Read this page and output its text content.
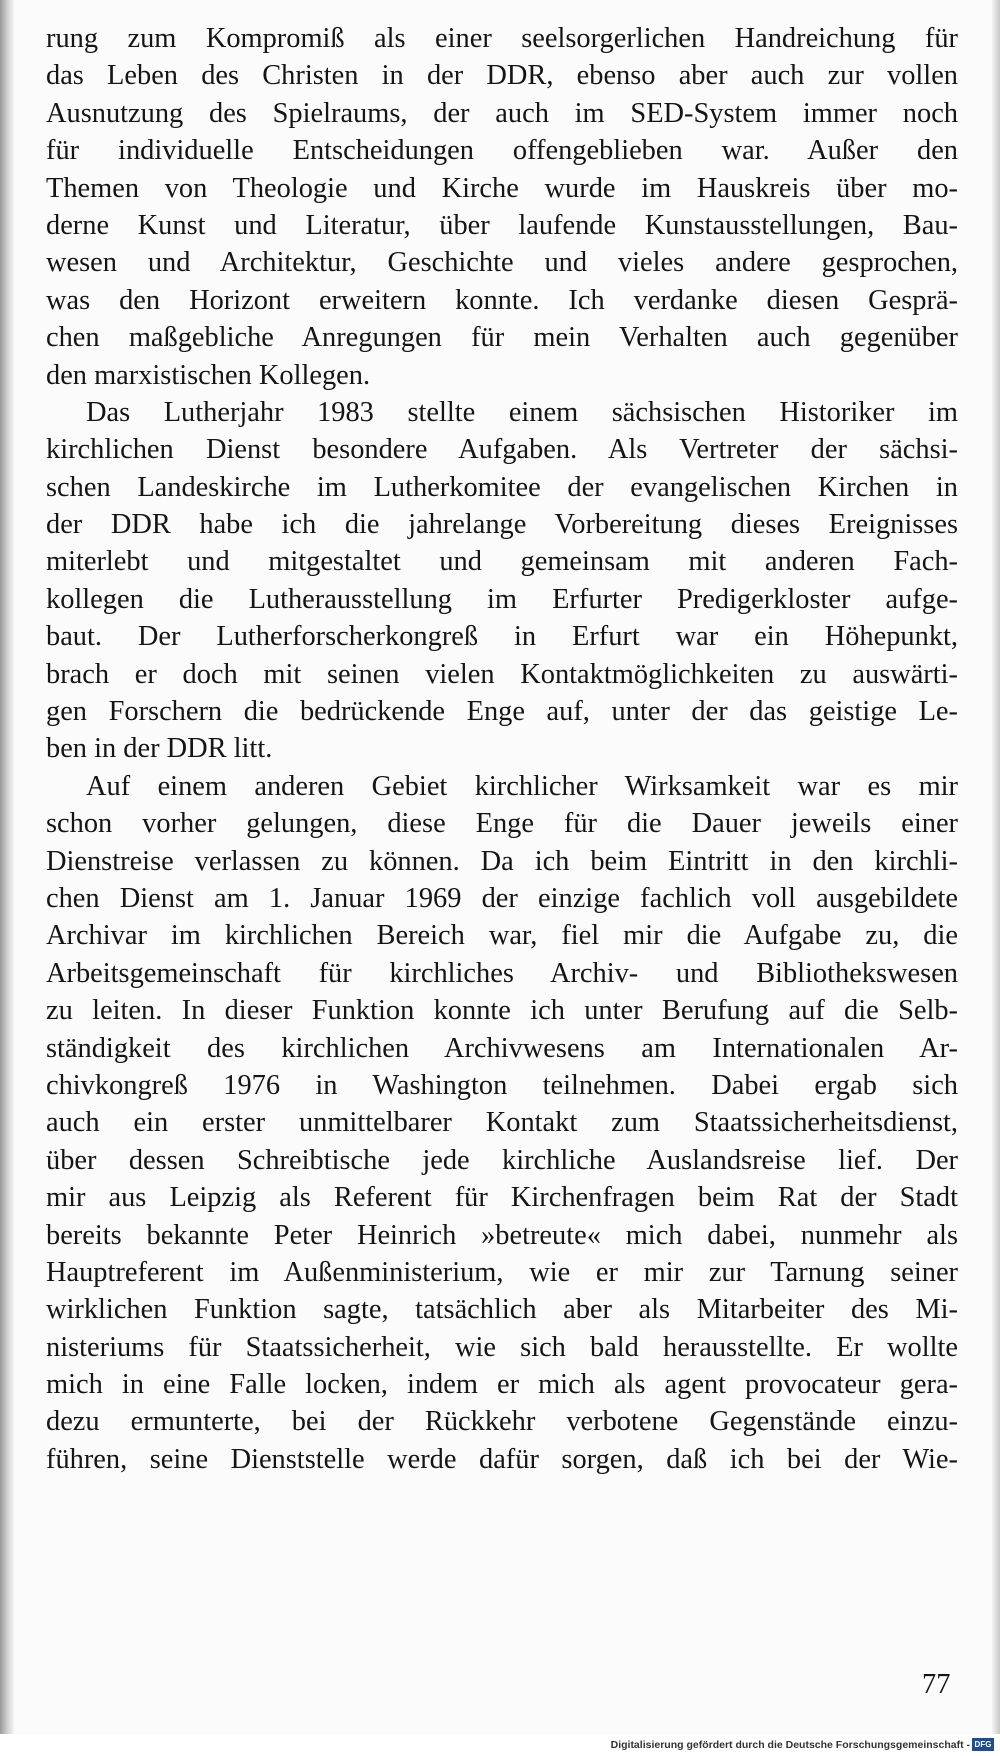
rung zum Kompromiß als einer seelsorgerlichen Handreichung für
das Leben des Christen in der DDR, ebenso aber auch zur vollen
Ausnutzung des Spielraums, der auch im SED-System immer noch
für individuelle Entscheidungen offengeblieben war. Außer den
Themen von Theologie und Kirche wurde im Hauskreis über mo-
derne Kunst und Literatur, über laufende Kunstausstellungen, Bau-
wesen und Architektur, Geschichte und vieles andere gesprochen,
was den Horizont erweitern konnte. Ich verdanke diesen Gesprä-
chen maßgebliche Anregungen für mein Verhalten auch gegenüber
den marxistischen Kollegen.
Das Lutherjahr 1983 stellte einem sächsischen Historiker im
kirchlichen Dienst besondere Aufgaben. Als Vertreter der sächsi-
schen Landeskirche im Lutherkomitee der evangelischen Kirchen in
der DDR habe ich die jahrelange Vorbereitung dieses Ereignisses
miterlebt und mitgestaltet und gemeinsam mit anderen Fach-
kollegen die Lutherausstellung im Erfurter Predigerkloster aufge-
baut. Der Lutherforscherkongreß in Erfurt war ein Höhepunkt,
brach er doch mit seinen vielen Kontaktmöglichkeiten zu auswärti-
gen Forschern die bedrückende Enge auf, unter der das geistige Le-
ben in der DDR litt.
Auf einem anderen Gebiet kirchlicher Wirksamkeit war es mir
schon vorher gelungen, diese Enge für die Dauer jeweils einer
Dienstreise verlassen zu können. Da ich beim Eintritt in den kirchli-
chen Dienst am 1. Januar 1969 der einzige fachlich voll ausgebildete
Archivar im kirchlichen Bereich war, fiel mir die Aufgabe zu, die
Arbeitsgemeinschaft für kirchliches Archiv- und Bibliothekswesen
zu leiten. In dieser Funktion konnte ich unter Berufung auf die Selb-
ständigkeit des kirchlichen Archivwesens am Internationalen Ar-
chivkongreß 1976 in Washington teilnehmen. Dabei ergab sich
auch ein erster unmittelbarer Kontakt zum Staatssicherheitsdienst,
über dessen Schreibtische jede kirchliche Auslandsreise lief. Der
mir aus Leipzig als Referent für Kirchenfragen beim Rat der Stadt
bereits bekannte Peter Heinrich »betreute« mich dabei, nunmehr als
Hauptreferent im Außenministerium, wie er mir zur Tarnung seiner
wirklichen Funktion sagte, tatsächlich aber als Mitarbeiter des Mi-
nisteriums für Staatssicherheit, wie sich bald herausstellte. Er wollte
mich in eine Falle locken, indem er mich als agent provocateur gera-
dezu ermunterte, bei der Rückkehr verbotene Gegenstände einzu-
führen, seine Dienststelle werde dafür sorgen, daß ich bei der Wie-
77
Digitalisierung gefördert durch die Deutsche Forschungsgemeinschaft - DFG
